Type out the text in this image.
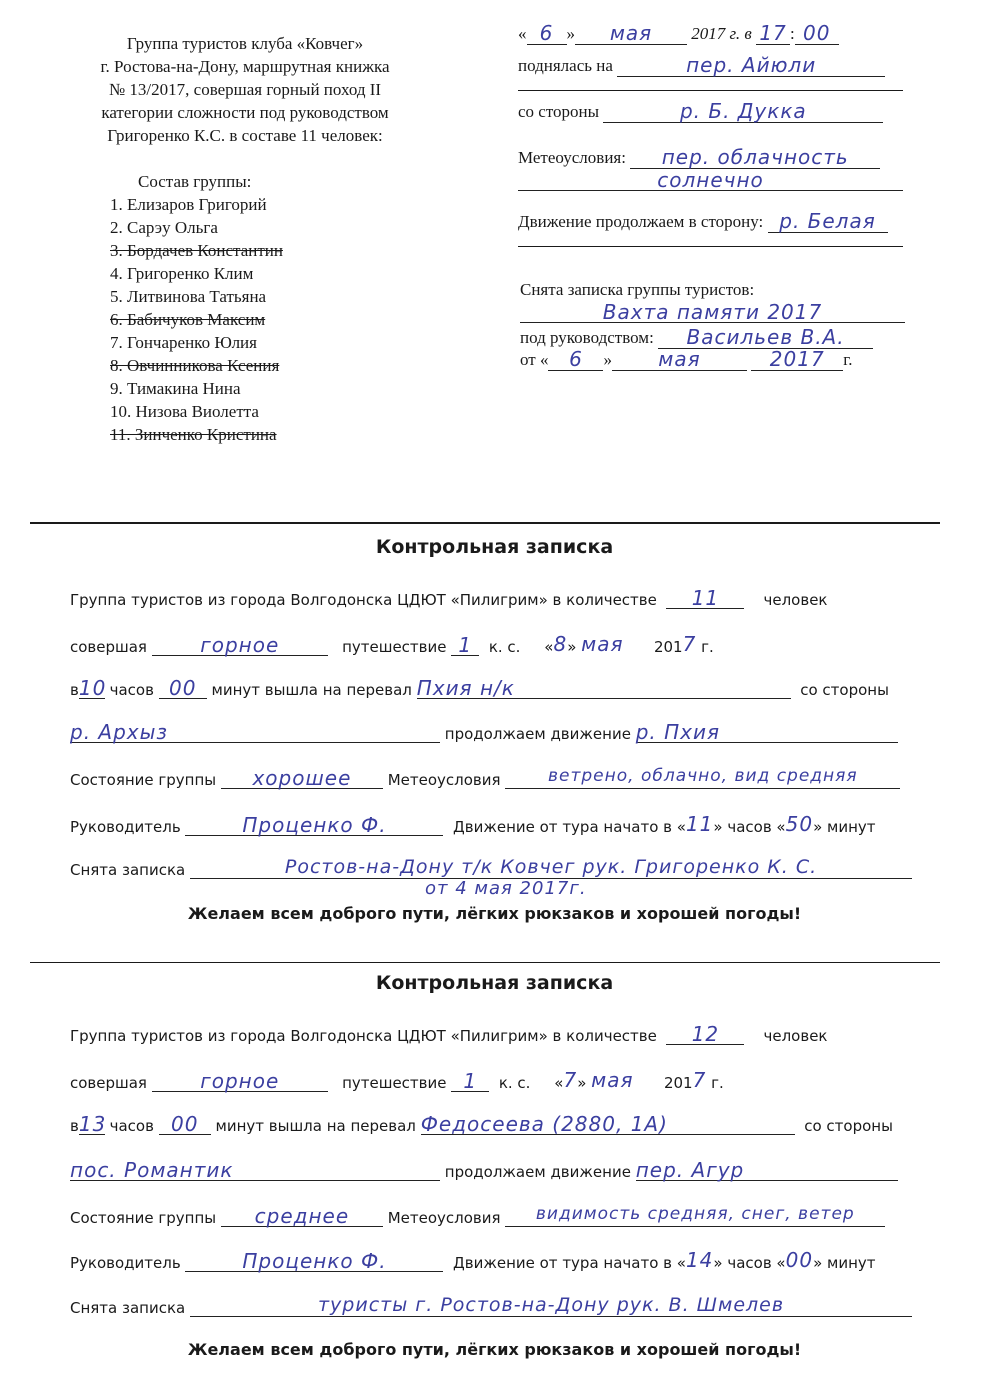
Группа туристов клуба «Ковчег»
г. Ростова-на-Дону, маршрутная книжка
№ 13/2017, совершая горный поход II
категории сложности под руководством
Григоренко К.С. в составе 11 человек:
Состав группы:
1. Елизаров Григорий
2. Сарэу Ольга
3. Бордачев Константин
4. Григоренко Клим
5. Литвинова Татьяна
6. Бабичуков Максим
7. Гончаренко Юлия
8. Овчинникова Ксения
9. Тимакина Нина
10. Низова Виолетта
11. Зинченко Кристина
« 6 » мая 2017 г. в 17 : 00
поднялась на	пер. Айюли
со стороны	р. Б. Дукка
Метеоусловия: пер. облачность
солнечно
Движение продолжаем в сторону: р. Белая
Снята записка группы туристов:
Вахта памяти 2017
под руководством: Васильев В.А.
от « 6 » мая	2017 г.
Контрольная записка
Группа туристов из города Волгодонска ЦДЮТ «Пилигрим» в количестве 11	человек
совершая	горное	путешествие 1 к. с. «8» мая 2017 г.
в10 часов 00 минут вышла на перевал Пхия н/к	со стороны
р. Архыз	продолжаем движение р. Пхия
Состояние группы хорошее Метеоусловия	ветрено, облачно, вид средняя
Руководитель	Проценко Ф.	Движение от тура начато в «11» часов «50» минут
Снята записка	Ростов-на-Дону т/к Ковчег рук. Григоренко К. С.
от 4 мая 2017г.
Желаем всем доброго пути, лёгких рюкзаков и хорошей погоды!
Контрольная записка
Группа туристов из города Волгодонска ЦДЮТ «Пилигрим» в количестве 12	человек
совершая	горное	путешествие 1 к. с. «7» мая 2017 г.
в13 часов 00 минут вышла на перевал Федосеева (2880, 1А)	со стороны
пос. Романтик	продолжаем движение пер. Агур
Состояние группы среднее	Метеоусловия видимость средняя, снег, ветер
Руководитель	Проценко Ф.	Движение от тура начато в «14» часов «00» минут
Снята записка	туристы г. Ростов-на-Дону рук. В. Шмелев
Желаем всем доброго пути, лёгких рюкзаков и хорошей погоды!
